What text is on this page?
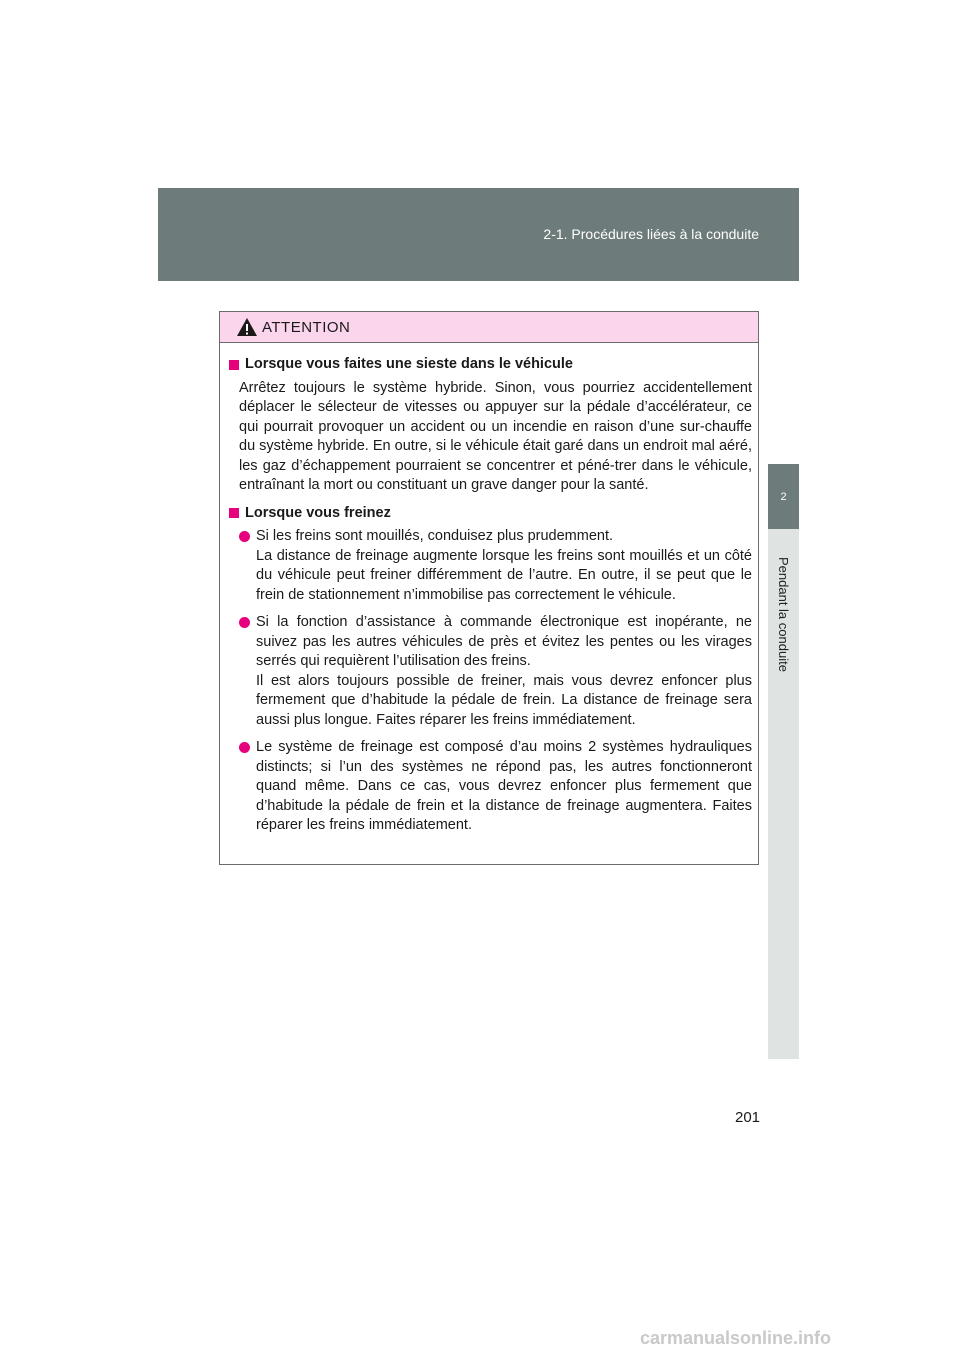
2-1. Procédures liées à la conduite
2
Pendant la conduite
ATTENTION
Lorsque vous faites une sieste dans le véhicule
Arrêtez toujours le système hybride. Sinon, vous pourriez accidentellement déplacer le sélecteur de vitesses ou appuyer sur la pédale d’accélérateur, ce qui pourrait provoquer un accident ou un incendie en raison d’une sur-chauffe du système hybride. En outre, si le véhicule était garé dans un endroit mal aéré, les gaz d’échappement pourraient se concentrer et péné-trer dans le véhicule, entraînant la mort ou constituant un grave danger pour la santé.
Lorsque vous freinez
Si les freins sont mouillés, conduisez plus prudemment.
La distance de freinage augmente lorsque les freins sont mouillés et un côté du véhicule peut freiner différemment de l’autre. En outre, il se peut que le frein de stationnement n’immobilise pas correctement le véhicule.
Si la fonction d’assistance à commande électronique est inopérante, ne suivez pas les autres véhicules de près et évitez les pentes ou les virages serrés qui requièrent l’utilisation des freins.
Il est alors toujours possible de freiner, mais vous devrez enfoncer plus fermement que d’habitude la pédale de frein. La distance de freinage sera aussi plus longue. Faites réparer les freins immédiatement.
Le système de freinage est composé d’au moins 2 systèmes hydrauliques distincts; si l’un des systèmes ne répond pas, les autres fonctionneront quand même. Dans ce cas, vous devrez enfoncer plus fermement que d’habitude la pédale de frein et la distance de freinage augmentera. Faites réparer les freins immédiatement.
201
carmanualsonline.info
